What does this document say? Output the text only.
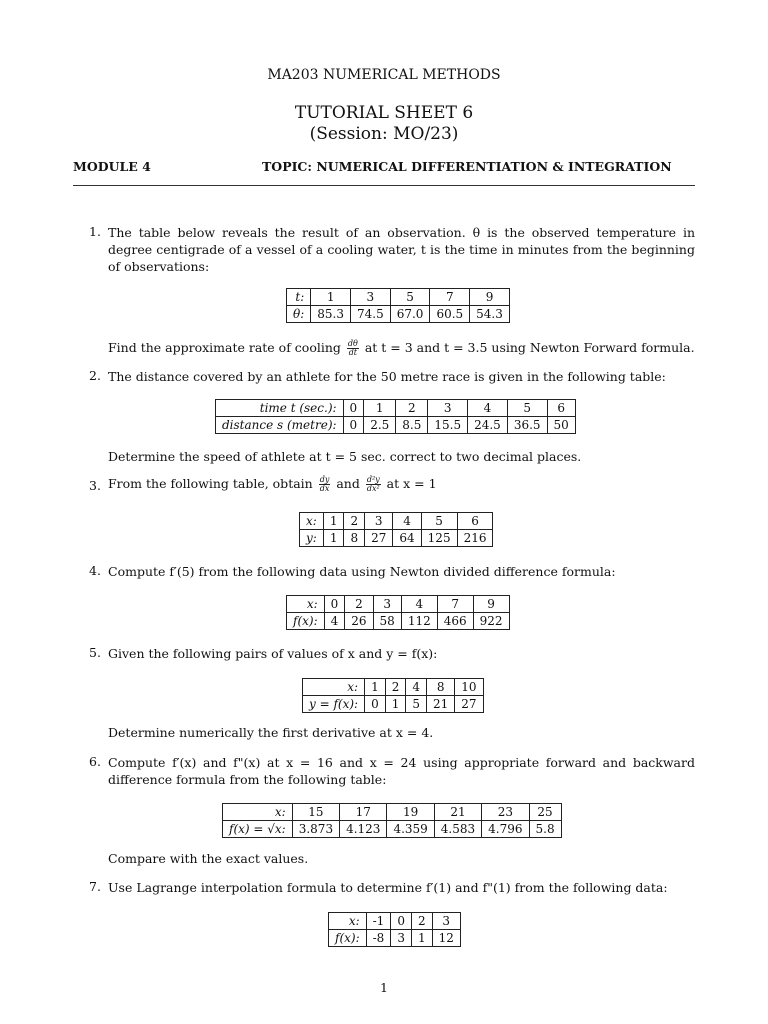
MA203 NUMERICAL METHODS
TUTORIAL SHEET 6
(Session: MO/23)
MODULE 4	TOPIC: NUMERICAL DIFFERENTIATION & INTEGRATION
1. The table below reveals the result of an observation. θ is the observed temperature in degree centigrade of a vessel of a cooling water, t is the time in minutes from the beginning of observations:
t:	1	3	5	7	9
θ:	85.3	74.5	67.0	60.5	54.3
Find the approximate rate of cooling $\frac{d\theta}{dt}$ at t = 3 and t = 3.5 using Newton Forward formula.
2. The distance covered by an athlete for the 50 metre race is given in the following table:
time t (sec.):	0	1	2	3	4	5	6
distance s (metre):	0	2.5	8.5	15.5	24.5	36.5	50
Determine the speed of athlete at t = 5 sec. correct to two decimal places.
3. From the following table, obtain $\frac{dy}{dx}$ and $\frac{\text{d²y}}{\text{dx²}}$ at x = 1
x:	1	2	3	4	5	6
y:	1	8	27	64	125	216
4. Compute f′(5) from the following data using Newton divided difference formula:
x:	0	2	3	4	7	9
f(x):	4	26	58	112	466	922
5. Given the following pairs of values of x and y = f(x):
x:	1	2	4	8	10
y = f(x):	0	1	5	21	27
Determine numerically the first derivative at x = 4.
6. Compute f′(x) and f"(x) at x = 16 and x = 24 using appropriate forward and backward difference formula from the following table:
x:	15	17	19	21	23	25
f(x) = √x:	3.873	4.123	4.359	4.583	4.796	5.8
Compare with the exact values.
7. Use Lagrange interpolation formula to determine f′(1) and f"(1) from the following data:
x:	-1	0	2	3
f(x):	-8	3	1	12
1
